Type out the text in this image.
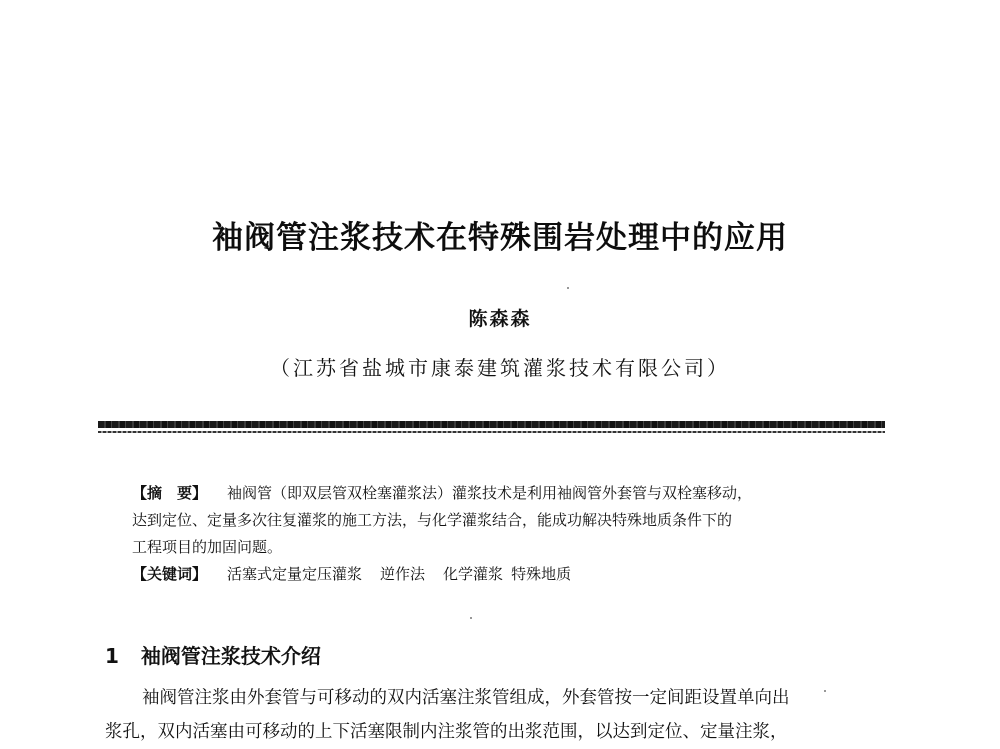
袖阀管注浆技术在特殊围岩处理中的应用
陈森森
（江苏省盐城市康泰建筑灌浆技术有限公司）
【摘　要】 袖阀管（即双层管双栓塞灌浆法）灌浆技术是利用袖阀管外套管与双栓塞移动，
达到定位、定量多次往复灌浆的施工方法，与化学灌浆结合，能成功解决特殊地质条件下的
工程项目的加固问题。
【关键词】 活塞式定量定压灌浆 逆作法 化学灌浆 特殊地质
1 袖阀管注浆技术介绍
袖阀管注浆由外套管与可移动的双内活塞注浆管组成，外套管按一定间距设置单向出
浆孔，双内活塞由可移动的上下活塞限制内注浆管的出浆范围，以达到定位、定量注浆，
